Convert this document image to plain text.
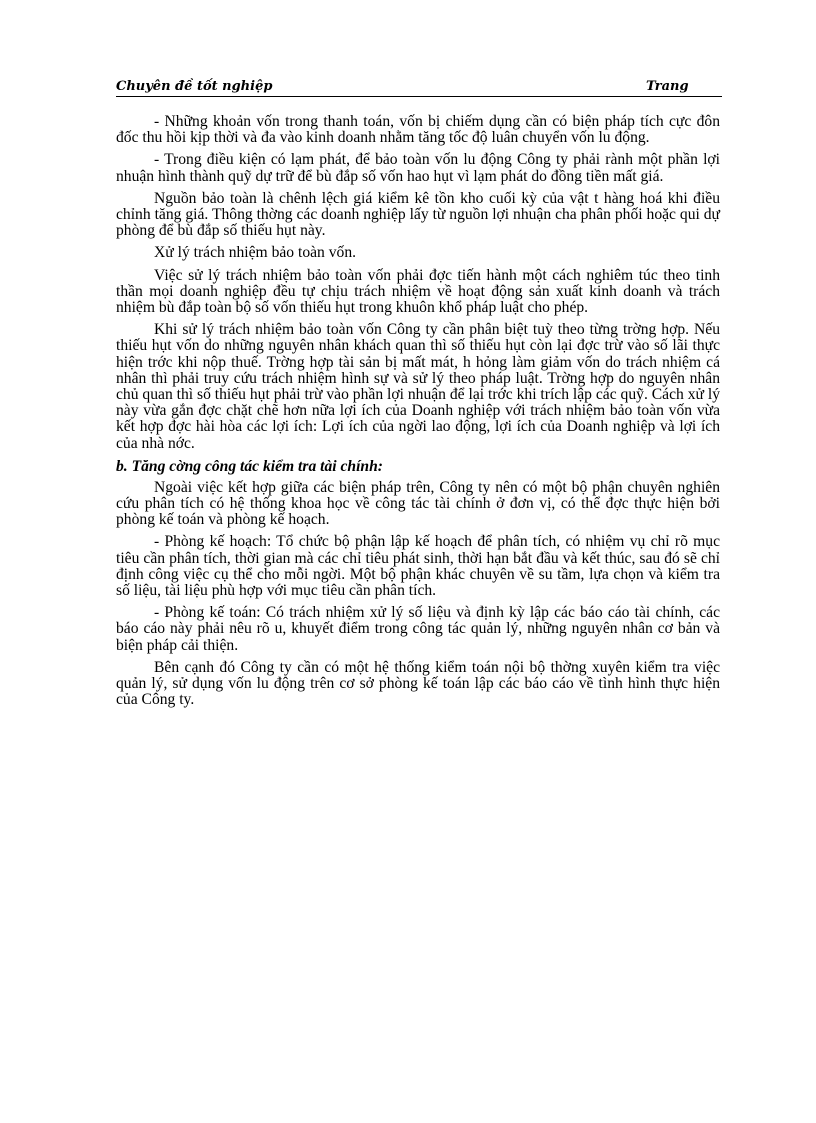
Chuyên đề tốt nghiệp	Trang

- Những khoản vốn trong thanh toán, vốn bị chiếm dụng cần có biện pháp tích cực đôn đốc thu hồi kịp thời và đa vào kinh doanh nhằm tăng tốc độ luân chuyển vốn lu động.

- Trong điều kiện có lạm phát, để bảo toàn vốn lu động Công ty phải rành một phần lợi nhuận hình thành quỹ dự trữ để bù đắp số vốn hao hụt vì lạm phát do đồng tiền mất giá.

Nguồn bảo toàn là chênh lệch giá kiểm kê tồn kho cuối kỳ của vật t hàng hoá khi điều chỉnh tăng giá. Thông thờng các doanh nghiệp lấy từ nguồn lợi nhuận cha phân phối hoặc qui dự phòng để bù đắp số thiếu hụt này.

Xử lý trách nhiệm bảo toàn vốn.

Việc sử lý trách nhiệm bảo toàn vốn phải đợc tiến hành một cách nghiêm túc theo tinh thần mọi doanh nghiệp đều tự chịu trách nhiệm về hoạt động sản xuất kinh doanh và trách nhiệm bù đắp toàn bộ số vốn thiếu hụt trong khuôn khổ pháp luật cho phép.

Khi sử lý trách nhiệm bảo toàn vốn Công ty cần phân biệt tuỳ theo từng trờng hợp. Nếu thiếu hụt vốn do những nguyên nhân khách quan thì số thiếu hụt còn lại đợc trừ vào số lãi thực hiện trớc khi nộp thuế. Trờng hợp tài sản bị mất mát, h hỏng làm giảm vốn do trách nhiệm cá nhân thì phải truy cứu trách nhiệm hình sự và sử lý theo pháp luật. Trờng hợp do nguyên nhân chủ quan thì số thiếu hụt phải trừ vào phần lợi nhuận để lại trớc khi trích lập các quỹ. Cách xử lý này vừa gắn đợc chặt chẽ hơn nữa lợi ích của Doanh nghiệp với trách nhiệm bảo toàn vốn vừa kết hợp đợc hài hòa các lợi ích: Lợi ích của ngời lao động, lợi ích của Doanh nghiệp và lợi ích của nhà nớc.

b. Tăng cờng công tác kiểm tra tài chính:

Ngoài việc kết hợp giữa các biện pháp trên, Công ty nên có một bộ phận chuyên nghiên cứu phân tích có hệ thống khoa học về công tác tài chính ở đơn vị, có thể đợc thực hiện bởi phòng kế toán và phòng kế hoạch.

- Phòng kế hoạch: Tổ chức bộ phận lập kế hoạch để phân tích, có nhiệm vụ chỉ rõ mục tiêu cần phân tích, thời gian mà các chỉ tiêu phát sinh, thời hạn bắt đầu và kết thúc, sau đó sẽ chỉ định công việc cụ thể cho mỗi ngời. Một bộ phận khác chuyên về su tầm, lựa chọn và kiểm tra số liệu, tài liệu phù hợp với mục tiêu cần phân tích.

- Phòng kế toán: Có trách nhiệm xử lý số liệu và định kỳ lập các báo cáo tài chính, các báo cáo này phải nêu rõ u, khuyết điểm trong công tác quản lý, những nguyên nhân cơ bản và biện pháp cải thiện.

Bên cạnh đó Công ty cần có một hệ thống kiểm toán nội bộ thờng xuyên kiểm tra việc quản lý, sử dụng vốn lu động trên cơ sở phòng kế toán lập các báo cáo về tình hình thực hiện của Công ty.
